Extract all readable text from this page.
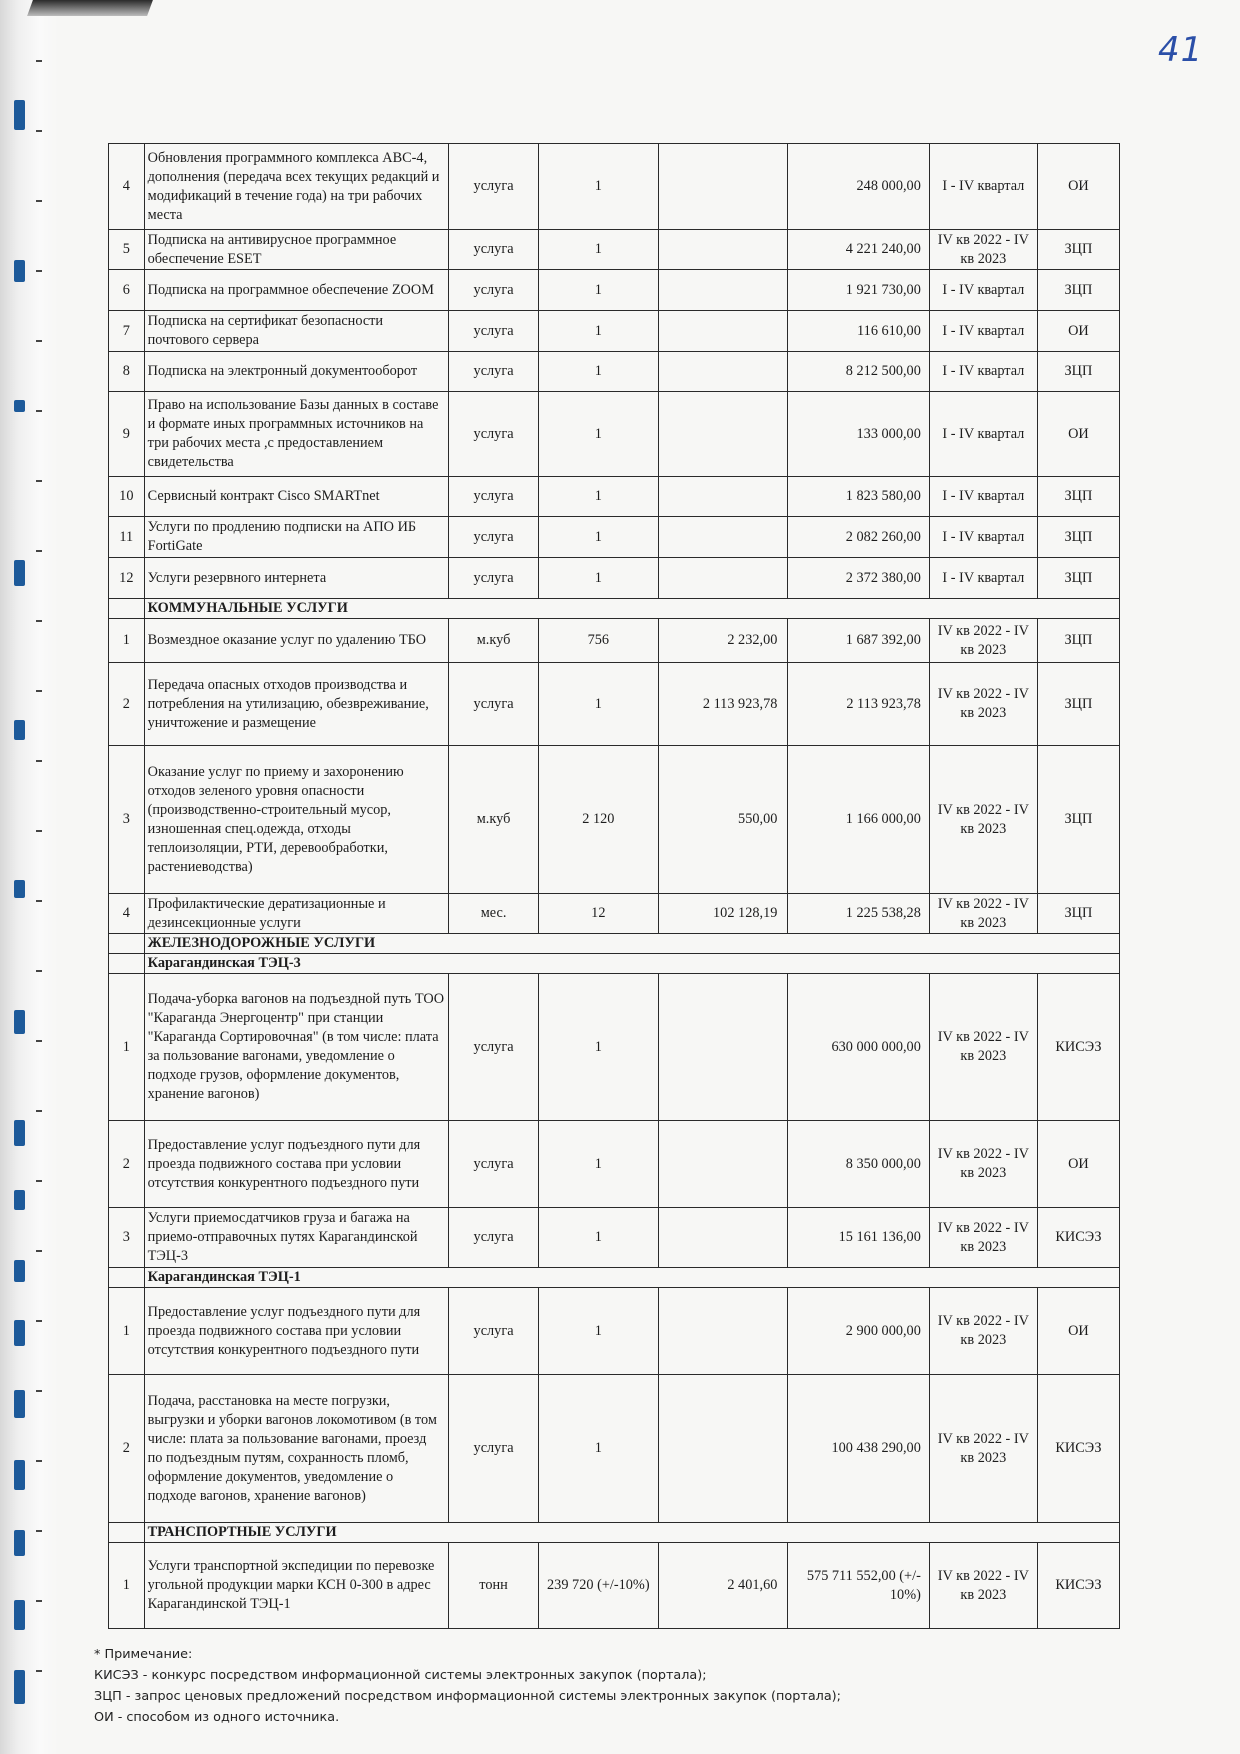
41
4	Обновления программного комплекса АВС-4, дополнения (передача всех текущих редакций и модификаций в течение года) на три рабочих места	услуга	1		248 000,00	I - IV квартал	ОИ
5	Подписка на антивирусное программное обеспечение ESET	услуга	1		4 221 240,00	IV кв 2022 - IV кв 2023	ЗЦП
6	Подписка на программное обеспечение ZOOM	услуга	1		1 921 730,00	I - IV квартал	ЗЦП
7	Подписка на сертификат безопасности почтового сервера	услуга	1		116 610,00	I - IV квартал	ОИ
8	Подписка на электронный документооборот	услуга	1		8 212 500,00	I - IV квартал	ЗЦП
9	Право на использование Базы данных в составе и формате иных программных источников на три рабочих места ,с предоставлением свидетельства	услуга	1		133 000,00	I - IV квартал	ОИ
10	Сервисный контракт Cisco SMARTnet	услуга	1		1 823 580,00	I - IV квартал	ЗЦП
11	Услуги по продлению подписки на АПО ИБ FortiGate	услуга	1		2 082 260,00	I - IV квартал	ЗЦП
12	Услуги резервного интернета	услуга	1		2 372 380,00	I - IV квартал	ЗЦП
	КОММУНАЛЬНЫЕ УСЛУГИ						
1	Возмездное оказание услуг по удалению ТБО	м.куб	756	2 232,00	1 687 392,00	IV кв 2022 - IV кв 2023	ЗЦП
2	Передача опасных отходов производства и потребления на утилизацию, обезвреживание, уничтожение и размещение	услуга	1	2 113 923,78	2 113 923,78	IV кв 2022 - IV кв 2023	ЗЦП
3	Оказание услуг по приему и захоронению отходов зеленого уровня опасности (производственно-строительный мусор, изношенная спец.одежда, отходы теплоизоляции, РТИ, деревообработки, растениеводства)	м.куб	2 120	550,00	1 166 000,00	IV кв 2022 - IV кв 2023	ЗЦП
4	Профилактические дератизационные и дезинсекционные услуги	мес.	12	102 128,19	1 225 538,28	IV кв 2022 - IV кв 2023	ЗЦП
	ЖЕЛЕЗНОДОРОЖНЫЕ УСЛУГИ						
	Карагандинская ТЭЦ-3						
1	Подача-уборка вагонов на подъездной путь ТОО "Караганда Энергоцентр" при станции "Караганда Сортировочная" (в том числе: плата за пользование вагонами, уведомление о подходе грузов, оформление документов, хранение вагонов)	услуга	1		630 000 000,00	IV кв 2022 - IV кв 2023	КИСЭЗ
2	Предоставление услуг подъездного пути для проезда подвижного состава при условии отсутствия конкурентного подъездного пути	услуга	1		8 350 000,00	IV кв 2022 - IV кв 2023	ОИ
3	Услуги приемосдатчиков груза и багажа на приемо-отправочных путях Карагандинской ТЭЦ-3	услуга	1		15 161 136,00	IV кв 2022 - IV кв 2023	КИСЭЗ
	Карагандинская ТЭЦ-1						
1	Предоставление услуг подъездного пути для проезда подвижного состава при условии отсутствия конкурентного подъездного пути	услуга	1		2 900 000,00	IV кв 2022 - IV кв 2023	ОИ
2	Подача, расстановка на месте погрузки, выгрузки и уборки вагонов локомотивом (в том числе: плата за пользование вагонами, проезд по подъездным путям, сохранность пломб, оформление документов, уведомление о подходе вагонов, хранение вагонов)	услуга	1		100 438 290,00	IV кв 2022 - IV кв 2023	КИСЭЗ
	ТРАНСПОРТНЫЕ УСЛУГИ						
1	Услуги транспортной экспедиции по перевозке угольной продукции марки КСН 0-300 в адрес Карагандинской ТЭЦ-1	тонн	239 720 (+/-10%)	2 401,60	575 711 552,00 (+/- 10%)	IV кв 2022 - IV кв 2023	КИСЭЗ
* Примечание:
КИСЭЗ - конкурс посредством информационной системы электронных закупок (портала);
ЗЦП - запрос ценовых предложений посредством информационной системы электронных закупок (портала);
ОИ - способом из одного источника.
